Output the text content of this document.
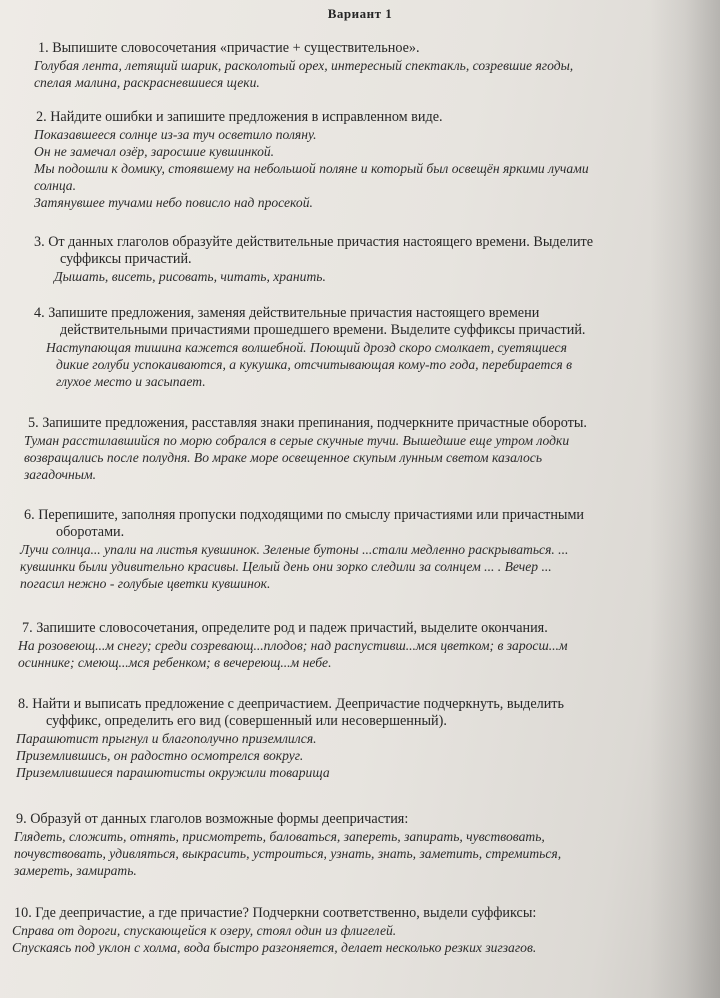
Вариант 1
1. Выпишите словосочетания «причастие + существительное».
Голубая лента, летящий шарик, расколотый орех, интересный спектакль, созревшие ягоды,
спелая малина, раскрасневшиеся щеки.
2. Найдите ошибки и запишите предложения в исправленном виде.
Показавшееся солнце из-за туч осветило поляну.
Он не замечал озёр, заросшие кувшинкой.
Мы подошли к домику, стоявшему на небольшой поляне и который был освещён яркими лучами
солнца.
Затянувшее тучами небо повисло над просекой.
3. От данных глаголов образуйте действительные причастия настоящего времени. Выделите
суффиксы причастий.
Дышать, висеть, рисовать, читать, хранить.
4. Запишите предложения, заменяя действительные причастия настоящего времени
действительными причастиями прошедшего времени. Выделите суффиксы причастий.
Наступающая тишина кажется волшебной. Поющий дрозд скоро смолкает, суетящиеся
дикие голуби успокаиваются, а кукушка, отсчитывающая кому-то года, перебирается в
глухое место и засыпает.
5. Запишите предложения, расставляя знаки препинания, подчеркните причастные обороты.
Туман расстилавшийся по морю собрался в серые скучные тучи. Вышедшие еще утром лодки
возвращались после полудня. Во мраке море освещенное скупым лунным светом казалось
загадочным.
6. Перепишите, заполняя пропуски подходящими по смыслу причастиями или причастными
оборотами.
Лучи солнца... упали на листья кувшинок. Зеленые бутоны ...стали медленно раскрываться. ...
кувшинки были удивительно красивы. Целый день они зорко следили за солнцем ... . Вечер ...
погасил нежно - голубые цветки кувшинок.
7. Запишите словосочетания, определите род и падеж причастий, выделите окончания.
На розовеющ...м снегу; среди созревающ...плодов; над распустивш...мся цветком; в заросш...м
осиннике; смеющ...мся ребенком; в вечереющ...м небе.
8. Найти и выписать предложение с деепричастием. Деепричастие подчеркнуть, выделить
суффикс, определить его вид (совершенный или несовершенный).
Парашютист прыгнул и благополучно приземлился.
Приземлившись, он радостно осмотрелся вокруг.
Приземлившиеся парашютисты окружили товарища
9. Образуй от данных глаголов возможные формы деепричастия:
Глядеть, сложить, отнять, присмотреть, баловаться, запереть, запирать, чувствовать,
почувствовать, удивляться, выкрасить, устроиться, узнать, знать, заметить, стремиться,
замереть, замирать.
10. Где деепричастие, а где причастие? Подчеркни соответственно, выдели суффиксы:
Справа от дороги, спускающейся к озеру, стоял один из флигелей.
Спускаясь под уклон с холма, вода быстро разгоняется, делает несколько резких зигзагов.
